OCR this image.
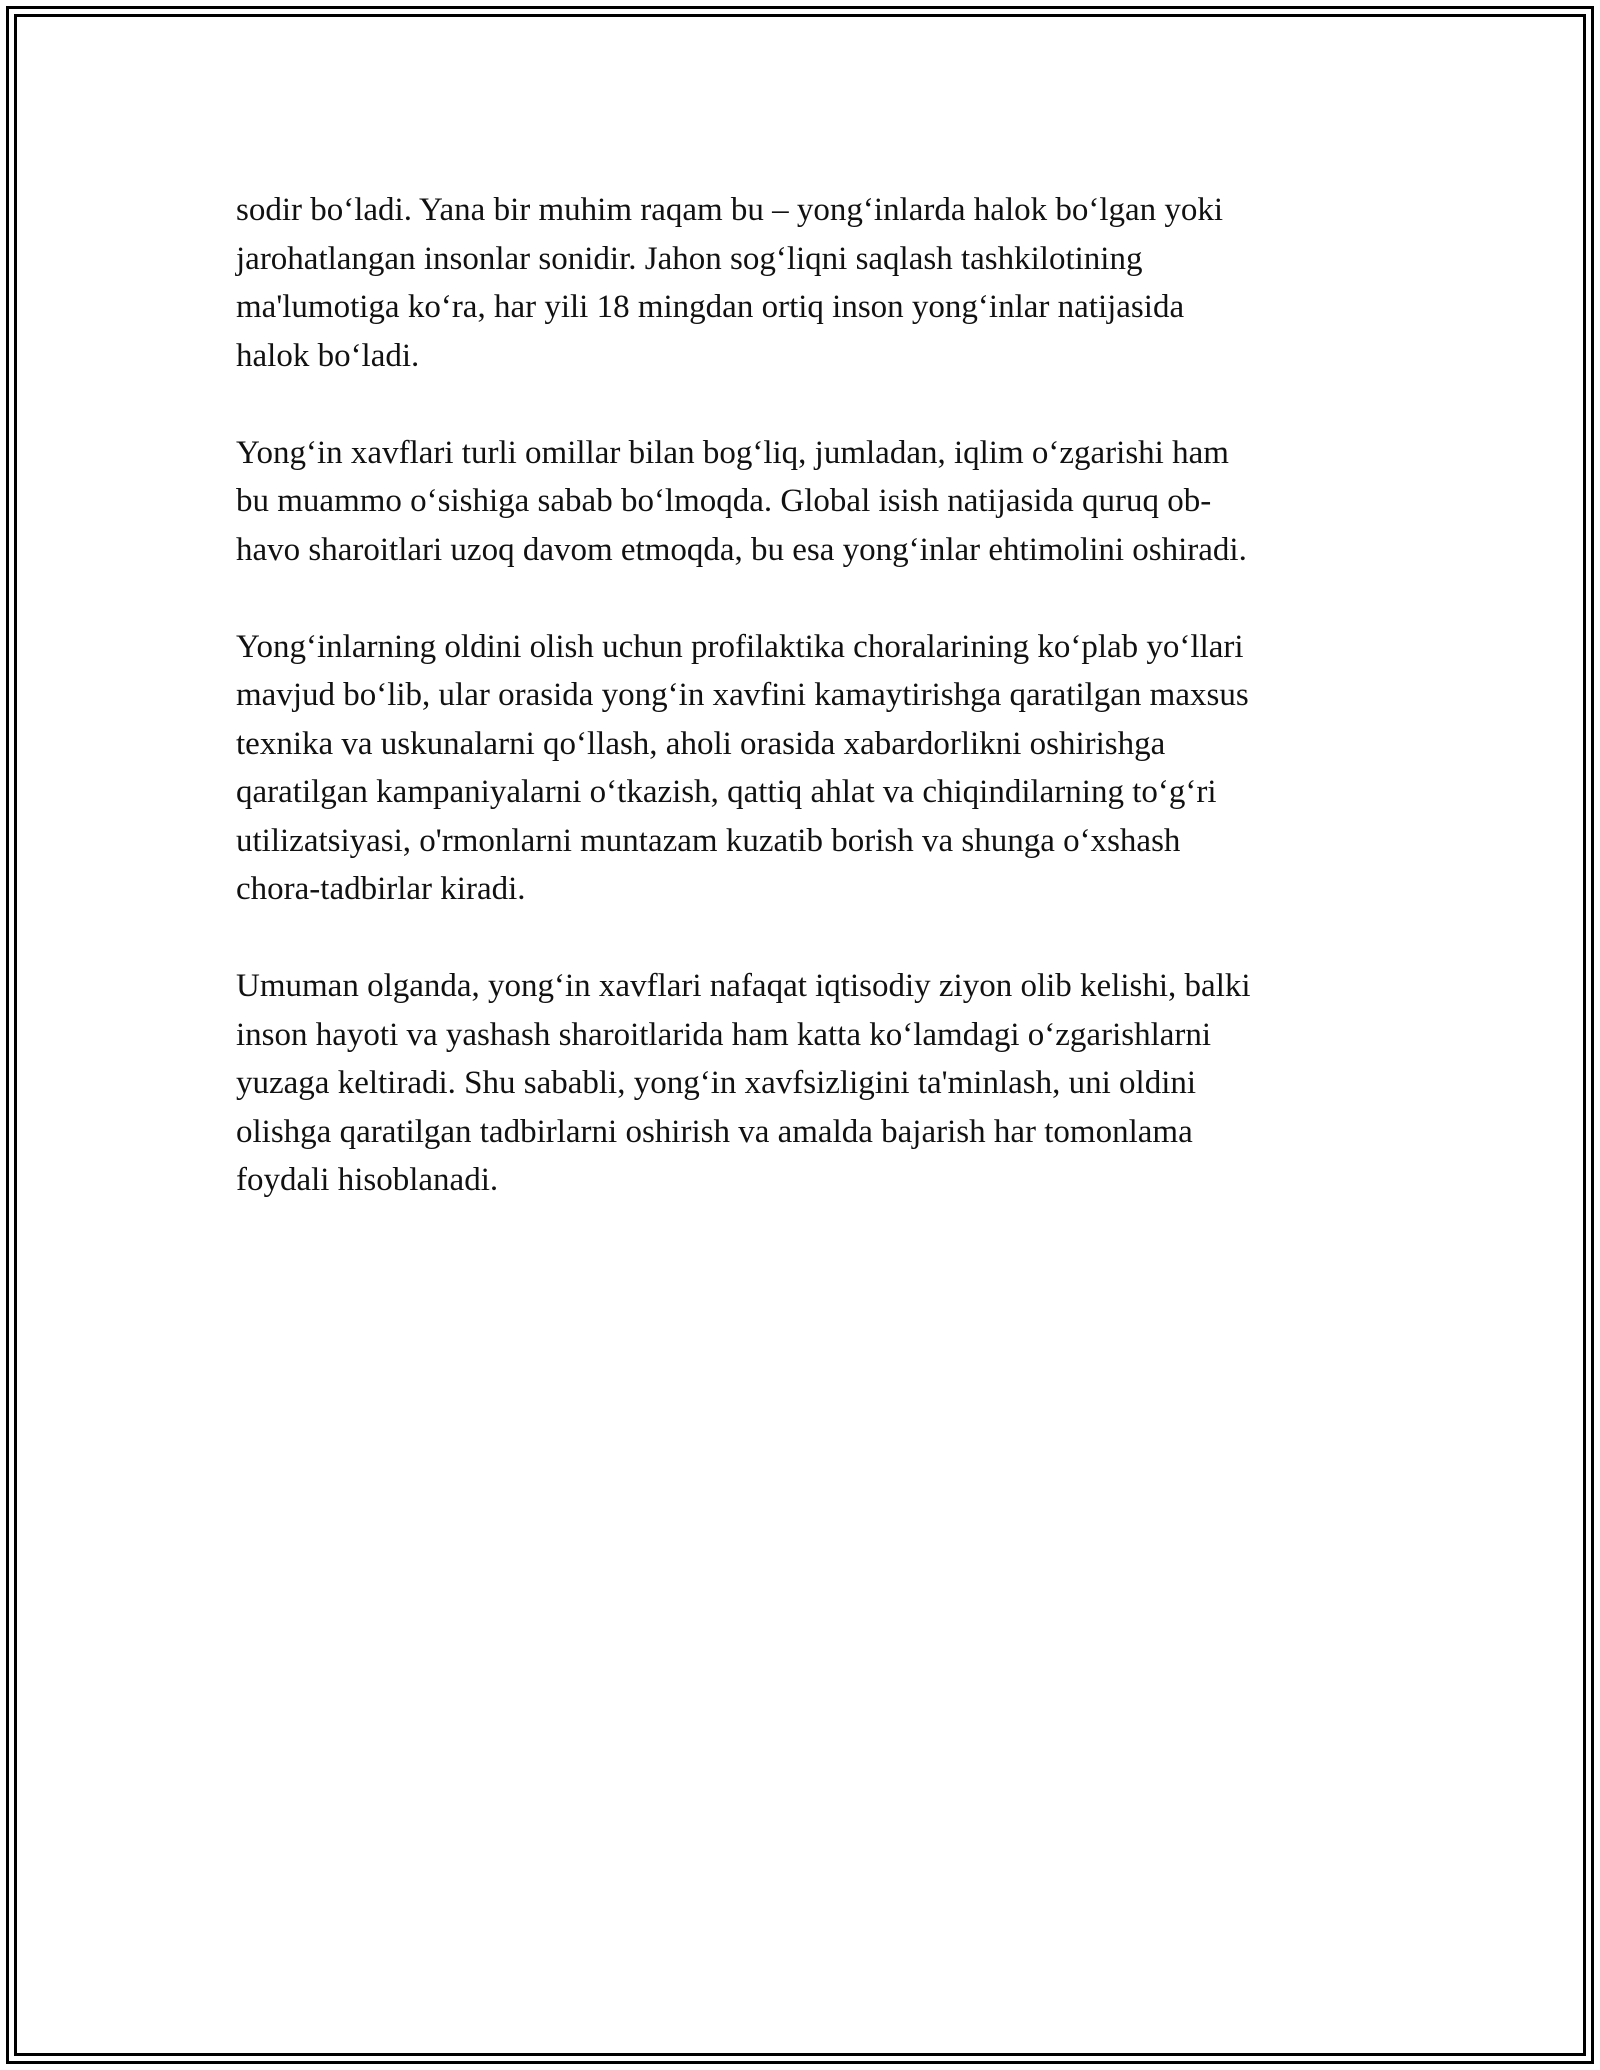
sodir bo‘ladi. Yana bir muhim raqam bu – yong‘inlarda halok bo‘lgan yoki
jarohatlangan insonlar sonidir. Jahon sog‘liqni saqlash tashkilotining
ma'lumotiga ko‘ra, har yili 18 mingdan ortiq inson yong‘inlar natijasida
halok bo‘ladi.

Yong‘in xavflari turli omillar bilan bog‘liq, jumladan, iqlim o‘zgarishi ham
bu muammo o‘sishiga sabab bo‘lmoqda. Global isish natijasida quruq ob-
havo sharoitlari uzoq davom etmoqda, bu esa yong‘inlar ehtimolini oshiradi.

Yong‘inlarning oldini olish uchun profilaktika choralarining ko‘plab yo‘llari
mavjud bo‘lib, ular orasida yong‘in xavfini kamaytirishga qaratilgan maxsus
texnika va uskunalarni qo‘llash, aholi orasida xabardorlikni oshirishga
qaratilgan kampaniyalarni o‘tkazish, qattiq ahlat va chiqindilarning to‘g‘ri
utilizatsiyasi, o'rmonlarni muntazam kuzatib borish va shunga o‘xshash
chora-tadbirlar kiradi.

Umuman olganda, yong‘in xavflari nafaqat iqtisodiy ziyon olib kelishi, balki
inson hayoti va yashash sharoitlarida ham katta ko‘lamdagi o‘zgarishlarni
yuzaga keltiradi. Shu sababli, yong‘in xavfsizligini ta'minlash, uni oldini
olishga qaratilgan tadbirlarni oshirish va amalda bajarish har tomonlama
foydali hisoblanadi.
